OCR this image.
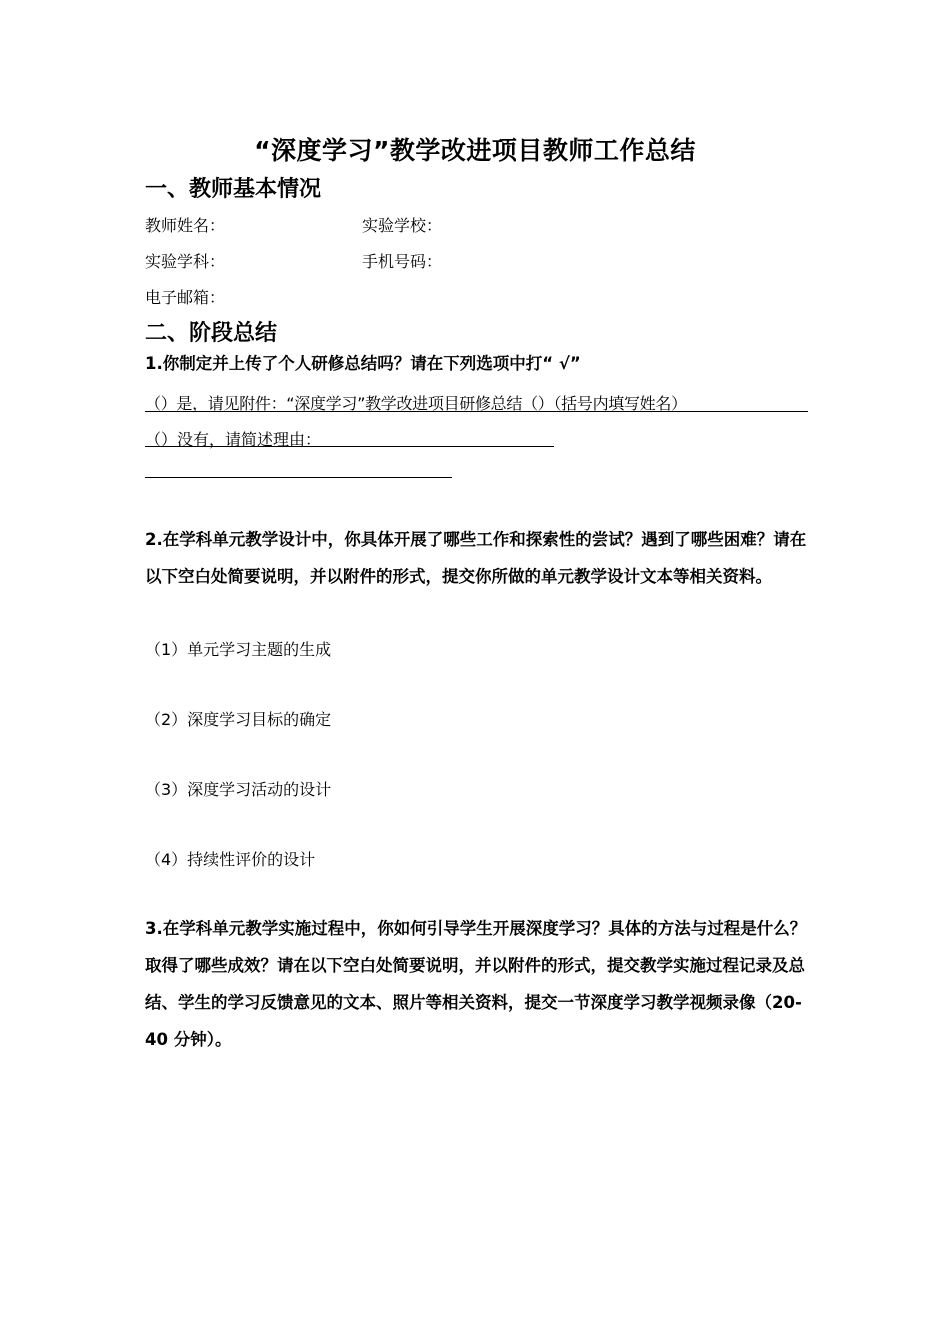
“深度学习”教学改进项目教师工作总结
一、教师基本情况
教师姓名：	实验学校：
实验学科：	手机号码：
电子邮箱：
二、阶段总结
1.你制定并上传了个人研修总结吗？请在下列选项中打“ √”
（）是，请见附件：“深度学习”教学改进项目研修总结（）（括号内填写姓名）
（）没有，请简述理由：
2.在学科单元教学设计中，你具体开展了哪些工作和探索性的尝试？遇到了哪些困难？请在以下空白处简要说明，并以附件的形式，提交你所做的单元教学设计文本等相关资料。
（1）单元学习主题的生成
（2）深度学习目标的确定
（3）深度学习活动的设计
（4）持续性评价的设计
3.在学科单元教学实施过程中，你如何引导学生开展深度学习？具体的方法与过程是什么？取得了哪些成效？请在以下空白处简要说明，并以附件的形式，提交教学实施过程记录及总结、学生的学习反馈意见的文本、照片等相关资料，提交一节深度学习教学视频录像（20-40 分钟）。
